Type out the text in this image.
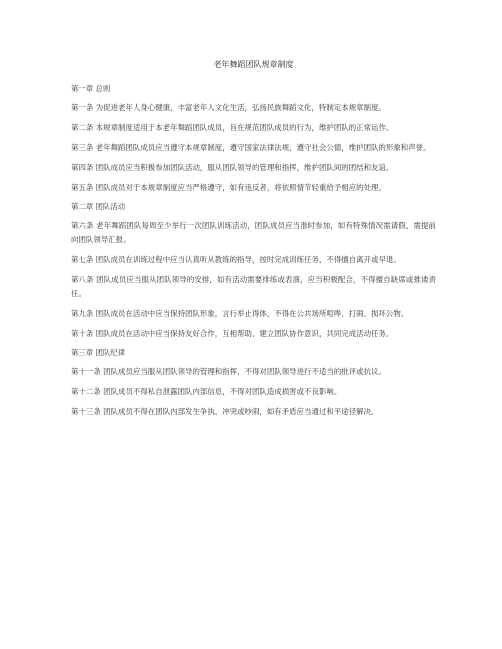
老年舞蹈团队规章制度
第一章 总则

第一条 为促进老年人身心健康，丰富老年人文化生活，弘扬民族舞蹈文化，特制定本规章制度。

第二条 本规章制度适用于本老年舞蹈团队成员，旨在规范团队成员的行为，维护团队的正常运作。

第三条 老年舞蹈团队成员应当遵守本规章制度，遵守国家法律法规，遵守社会公德，维护团队的形象和声誉。

第四条 团队成员应当积极参加团队活动，服从团队领导的管理和指挥，维护团队间的团结和友谊。

第五条 团队成员对于本规章制度应当严格遵守，如有违反者，将依照情节轻重给予相应的处理。

第二章 团队活动

第六条 老年舞蹈团队每周至少举行一次团队训练活动，团队成员应当准时参加，如有特殊情况需请假，需提前向团队领导汇报。

第七条 团队成员在训练过程中应当认真听从教练的指导，按时完成训练任务，不得擅自离开或早退。

第八条 团队成员应当服从团队领导的安排，如有活动需要排练或表演，应当积极配合，不得擅自缺席或推诿责任。

第九条 团队成员在活动中应当保持团队形象，言行举止得体，不得在公共场所喧哗、打闹、损坏公物。

第十条 团队成员在活动中应当保持友好合作，互相帮助，建立团队协作意识，共同完成活动任务。

第三章 团队纪律

第十一条 团队成员应当服从团队领导的管理和指挥，不得对团队领导进行不适当的批评或抗议。

第十二条 团队成员不得私自泄露团队内部信息，不得对团队造成损害或不良影响。

第十三条 团队成员不得在团队内部发生争执、冲突或吵闹，如有矛盾应当通过和平途径解决。
